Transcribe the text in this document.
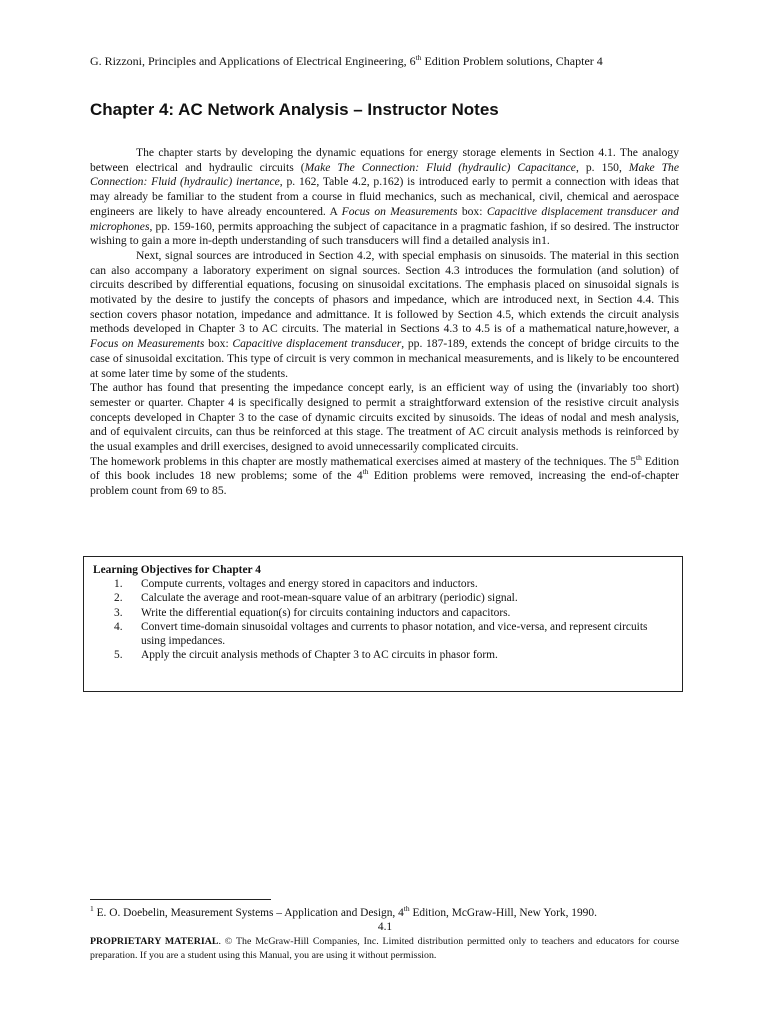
G. Rizzoni, Principles and Applications of Electrical Engineering, 6th Edition Problem solutions, Chapter 4
Chapter 4: AC Network Analysis – Instructor Notes

The chapter starts by developing the dynamic equations for energy storage elements in Section 4.1. The analogy between electrical and hydraulic circuits (Make The Connection: Fluid (hydraulic) Capacitance, p. 150, Make The Connection: Fluid (hydraulic) inertance, p. 162, Table 4.2, p.162) is introduced early to permit a connection with ideas that may already be familiar to the student from a course in fluid mechanics, such as mechanical, civil, chemical and aerospace engineers are likely to have already encountered. A Focus on Measurements box: Capacitive displacement transducer and microphones, pp. 159-160, permits approaching the subject of capacitance in a pragmatic fashion, if so desired. The instructor wishing to gain a more in-depth understanding of such transducers will find a detailed analysis in1.

Next, signal sources are introduced in Section 4.2, with special emphasis on sinusoids. The material in this section can also accompany a laboratory experiment on signal sources. Section 4.3 introduces the formulation (and solution) of circuits described by differential equations, focusing on sinusoidal excitations. The emphasis placed on sinusoidal signals is motivated by the desire to justify the concepts of phasors and impedance, which are introduced next, in Section 4.4. This section covers phasor notation, impedance and admittance. It is followed by Section 4.5, which extends the circuit analysis methods developed in Chapter 3 to AC circuits. The material in Sections 4.3 to 4.5 is of a mathematical nature,however, a Focus on Measurements box: Capacitive displacement transducer, pp. 187-189, extends the concept of bridge circuits to the case of sinusoidal excitation. This type of circuit is very common in mechanical measurements, and is likely to be encountered at some later time by some of the students.

The author has found that presenting the impedance concept early, is an efficient way of using the (invariably too short) semester or quarter. Chapter 4 is specifically designed to permit a straightforward extension of the resistive circuit analysis concepts developed in Chapter 3 to the case of dynamic circuits excited by sinusoids. The ideas of nodal and mesh analysis, and of equivalent circuits, can thus be reinforced at this stage. The treatment of AC circuit analysis methods is reinforced by the usual examples and drill exercises, designed to avoid unnecessarily complicated circuits.

The homework problems in this chapter are mostly mathematical exercises aimed at mastery of the techniques. The 5th Edition of this book includes 18 new problems; some of the 4th Edition problems were removed, increasing the end-of-chapter problem count from 69 to 85.

Learning Objectives for Chapter 4
1. Compute currents, voltages and energy stored in capacitors and inductors.
2. Calculate the average and root-mean-square value of an arbitrary (periodic) signal.
3. Write the differential equation(s) for circuits containing inductors and capacitors.
4. Convert time-domain sinusoidal voltages and currents to phasor notation, and vice-versa, and represent circuits using impedances.
5. Apply the circuit analysis methods of Chapter 3 to AC circuits in phasor form.
$^1$ E. O. Doebelin, Measurement Systems – Application and Design, 4th Edition, McGraw-Hill, New York, 1990.
4.1
PROPRIETARY MATERIAL. © The McGraw-Hill Companies, Inc. Limited distribution permitted only to teachers and educators for course preparation. If you are a student using this Manual, you are using it without permission.
